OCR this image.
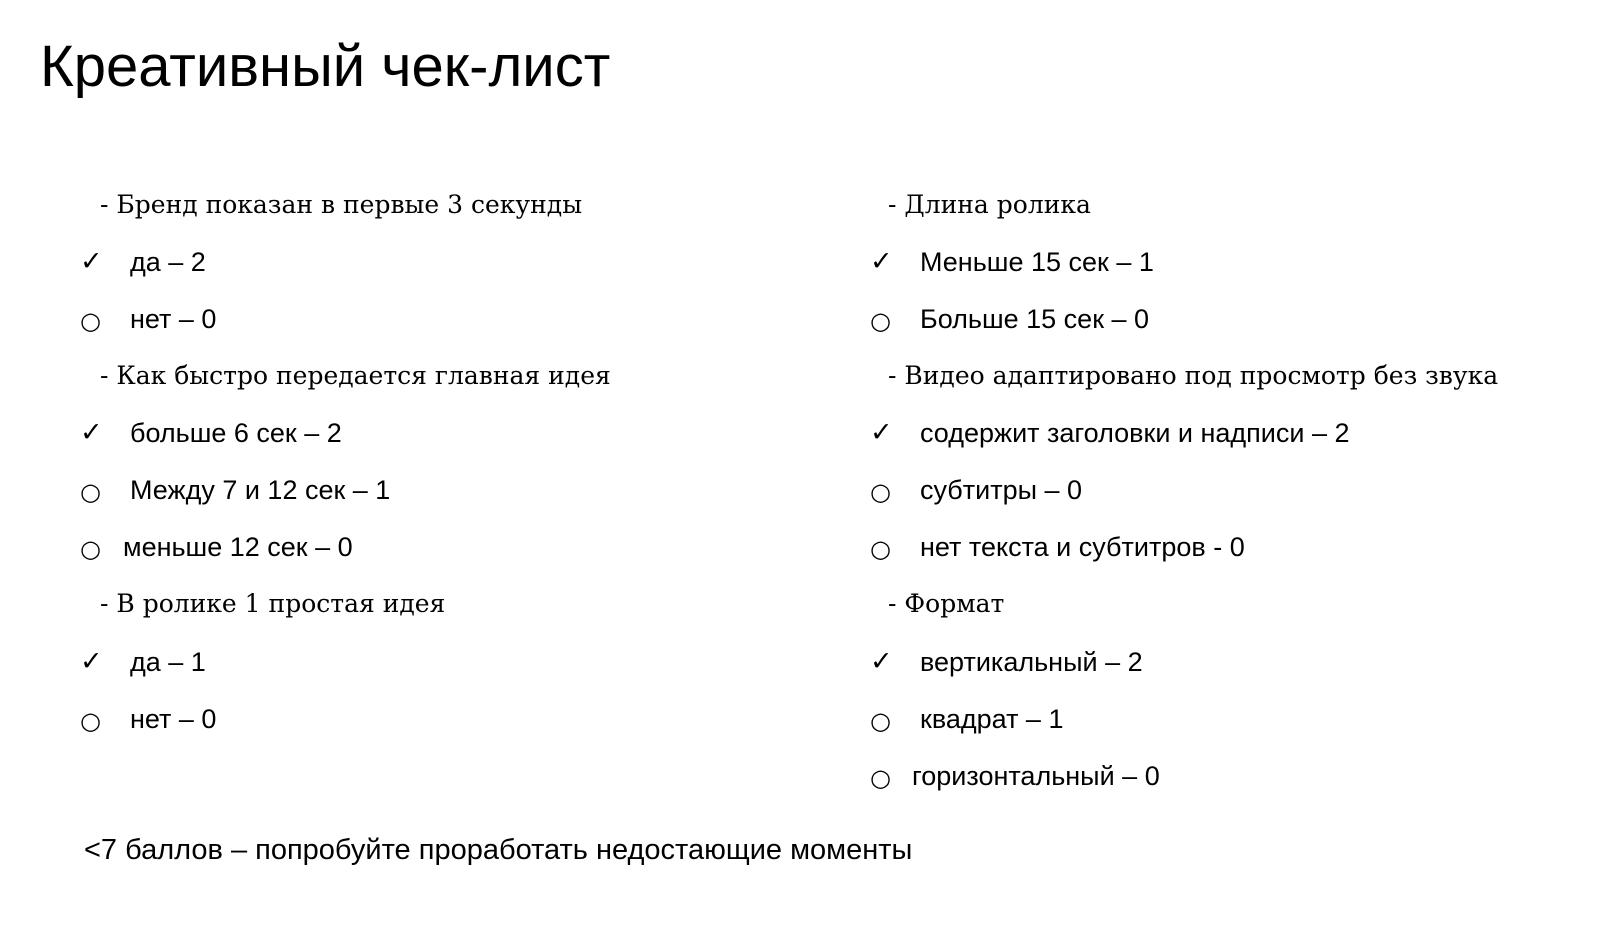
Креативный чек-лист
- Бренд показан в первые 3 секунды
✓ да – 2
○ нет – 0
- Как быстро передается главная идея
✓ больше 6 сек – 2
○ Между 7 и 12 сек – 1
○ меньше 12 сек – 0
- В ролике 1 простая идея
✓ да – 1
○ нет – 0
- Длина ролика
✓ Меньше 15 сек – 1
○ Больше 15 сек – 0
- Видео адаптировано под просмотр без звука
✓ содержит заголовки и надписи – 2
○ субтитры – 0
○ нет текста и субтитров - 0
- Формат
✓ вертикальный – 2
○ квадрат – 1
○ горизонтальный – 0
<7 баллов – попробуйте проработать недостающие моменты
